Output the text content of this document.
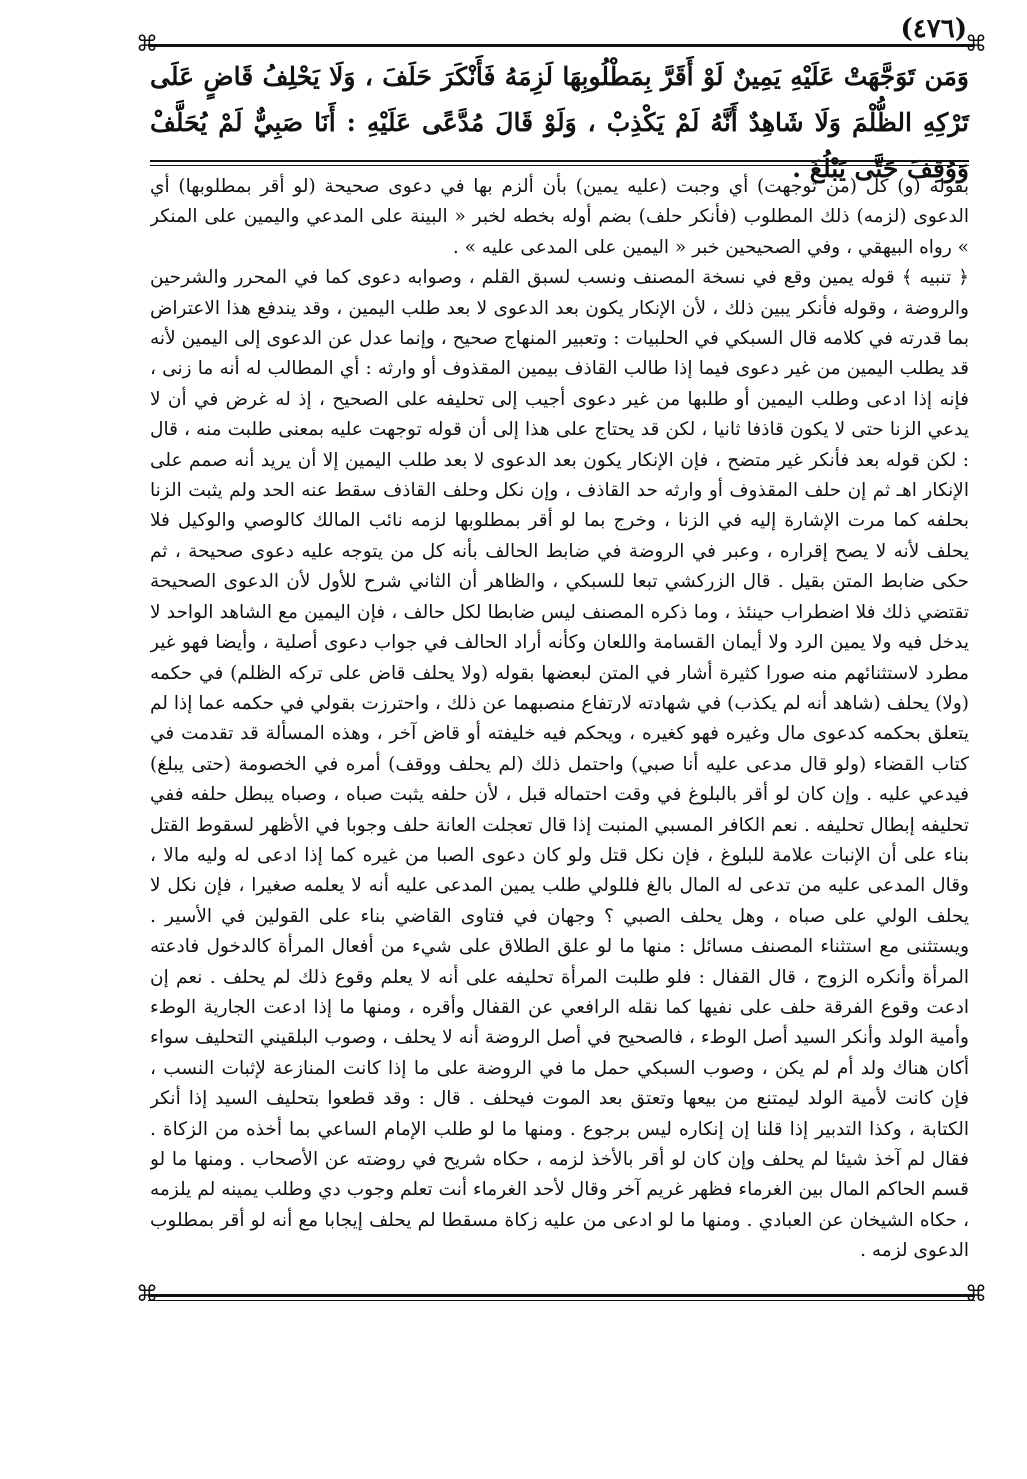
(٤٧٦)
⌘	⌘
⌘	⌘

وَمَن تَوَجَّهَتْ عَلَيْهِ يَمِينٌ لَوْ أَقَرَّ بِمَطْلُوبِهَا لَزِمَهُ فَأَنْكَرَ حَلَفَ ، وَلَا يَحْلِفُ قَاضٍ عَلَى تَرْكِهِ الظُّلْمَ وَلَا شَاهِدٌ أَنَّهُ لَمْ يَكْذِبْ ، وَلَوْ قَالَ مُدَّعًى عَلَيْهِ : أَنَا صَبِيٌّ لَمْ يُحَلَّفْ وَوُقِفَ حَتَّى يَبْلُغَ .

بقوله (و) كل (من توجهت) أي وجبت (عليه يمين) بأن ألزم بها في دعوى صحيحة (لو أقر بمطلوبها) أي الدعوى (لزمه) ذلك المطلوب (فأنكر حلف) بضم أوله بخطه لخبر « البينة على المدعي واليمين على المنكر » رواه البيهقي ، وفي الصحيحين خبر « اليمين على المدعى عليه » .

﴿ تنبيه ﴾ قوله يمين وقع في نسخة المصنف ونسب لسبق القلم ، وصوابه دعوى كما في المحرر والشرحين والروضة ، وقوله فأنكر يبين ذلك ، لأن الإنكار يكون بعد الدعوى لا بعد طلب اليمين ، وقد يندفع هذا الاعتراض بما قدرته في كلامه قال السبكي في الحلبيات : وتعبير المنهاج صحيح ، وإنما عدل عن الدعوى إلى اليمين لأنه قد يطلب اليمين من غير دعوى فيما إذا طالب القاذف بيمين المقذوف أو وارثه : أي المطالب له أنه ما زنى ، فإنه إذا ادعى وطلب اليمين أو طلبها من غير دعوى أجيب إلى تحليفه على الصحيح ، إذ له غرض في أن لا يدعي الزنا حتى لا يكون قاذفا ثانيا ، لكن قد يحتاج على هذا إلى أن قوله توجهت عليه بمعنى طلبت منه ، قال : لكن قوله بعد فأنكر غير متضح ، فإن الإنكار يكون بعد الدعوى لا بعد طلب اليمين إلا أن يريد أنه صمم على الإنكار اهـ ثم إن حلف المقذوف أو وارثه حد القاذف ، وإن نكل وحلف القاذف سقط عنه الحد ولم يثبت الزنا بحلفه كما مرت الإشارة إليه في الزنا ، وخرج بما لو أقر بمطلوبها لزمه نائب المالك كالوصي والوكيل فلا يحلف لأنه لا يصح إقراره ، وعبر في الروضة في ضابط الحالف بأنه كل من يتوجه عليه دعوى صحيحة ، ثم حكى ضابط المتن بقيل . قال الزركشي تبعا للسبكي ، والظاهر أن الثاني شرح للأول لأن الدعوى الصحيحة تقتضي ذلك فلا اضطراب حينئذ ، وما ذكره المصنف ليس ضابطا لكل حالف ، فإن اليمين مع الشاهد الواحد لا يدخل فيه ولا يمين الرد ولا أيمان القسامة واللعان وكأنه أراد الحالف في جواب دعوى أصلية ، وأيضا فهو غير مطرد لاستثنائهم منه صورا كثيرة أشار في المتن لبعضها بقوله (ولا يحلف قاض على تركه الظلم) في حكمه (ولا) يحلف (شاهد أنه لم يكذب) في شهادته لارتفاع منصبهما عن ذلك ، واحترزت بقولي في حكمه عما إذا لم يتعلق بحكمه كدعوى مال وغيره فهو كغيره ، ويحكم فيه خليفته أو قاض آخر ، وهذه المسألة قد تقدمت في كتاب القضاء (ولو قال مدعى عليه أنا صبي) واحتمل ذلك (لم يحلف ووقف) أمره في الخصومة (حتى يبلغ) فيدعي عليه . وإن كان لو أقر بالبلوغ في وقت احتماله قبل ، لأن حلفه يثبت صباه ، وصباه يبطل حلفه ففي تحليفه إبطال تحليفه . نعم الكافر المسبي المنبت إذا قال تعجلت العانة حلف وجوبا في الأظهر لسقوط القتل بناء على أن الإنبات علامة للبلوغ ، فإن نكل قتل ولو كان دعوى الصبا من غيره كما إذا ادعى له وليه مالا ، وقال المدعى عليه من تدعى له المال بالغ فللولي طلب يمين المدعى عليه أنه لا يعلمه صغيرا ، فإن نكل لا يحلف الولي على صباه ، وهل يحلف الصبي ؟ وجهان في فتاوى القاضي بناء على القولين في الأسير . ويستثنى مع استثناء المصنف مسائل : منها ما لو علق الطلاق على شيء من أفعال المرأة كالدخول فادعته المرأة وأنكره الزوج ، قال القفال : فلو طلبت المرأة تحليفه على أنه لا يعلم وقوع ذلك لم يحلف . نعم إن ادعت وقوع الفرقة حلف على نفيها كما نقله الرافعي عن القفال وأقره ، ومنها ما إذا ادعت الجارية الوطء وأمية الولد وأنكر السيد أصل الوطء ، فالصحيح في أصل الروضة أنه لا يحلف ، وصوب البلقيني التحليف سواء أكان هناك ولد أم لم يكن ، وصوب السبكي حمل ما في الروضة على ما إذا كانت المنازعة لإثبات النسب ، فإن كانت لأمية الولد ليمتنع من بيعها وتعتق بعد الموت فيحلف . قال : وقد قطعوا بتحليف السيد إذا أنكر الكتابة ، وكذا التدبير إذا قلنا إن إنكاره ليس برجوع . ومنها ما لو طلب الإمام الساعي بما أخذه من الزكاة . فقال لم آخذ شيئا لم يحلف وإن كان لو أقر بالأخذ لزمه ، حكاه شريح في روضته عن الأصحاب . ومنها ما لو قسم الحاكم المال بين الغرماء فظهر غريم آخر وقال لأحد الغرماء أنت تعلم وجوب دي وطلب يمينه لم يلزمه ، حكاه الشيخان عن العبادي . ومنها ما لو ادعى من عليه زكاة مسقطا لم يحلف إيجابا مع أنه لو أقر بمطلوب الدعوى لزمه .
